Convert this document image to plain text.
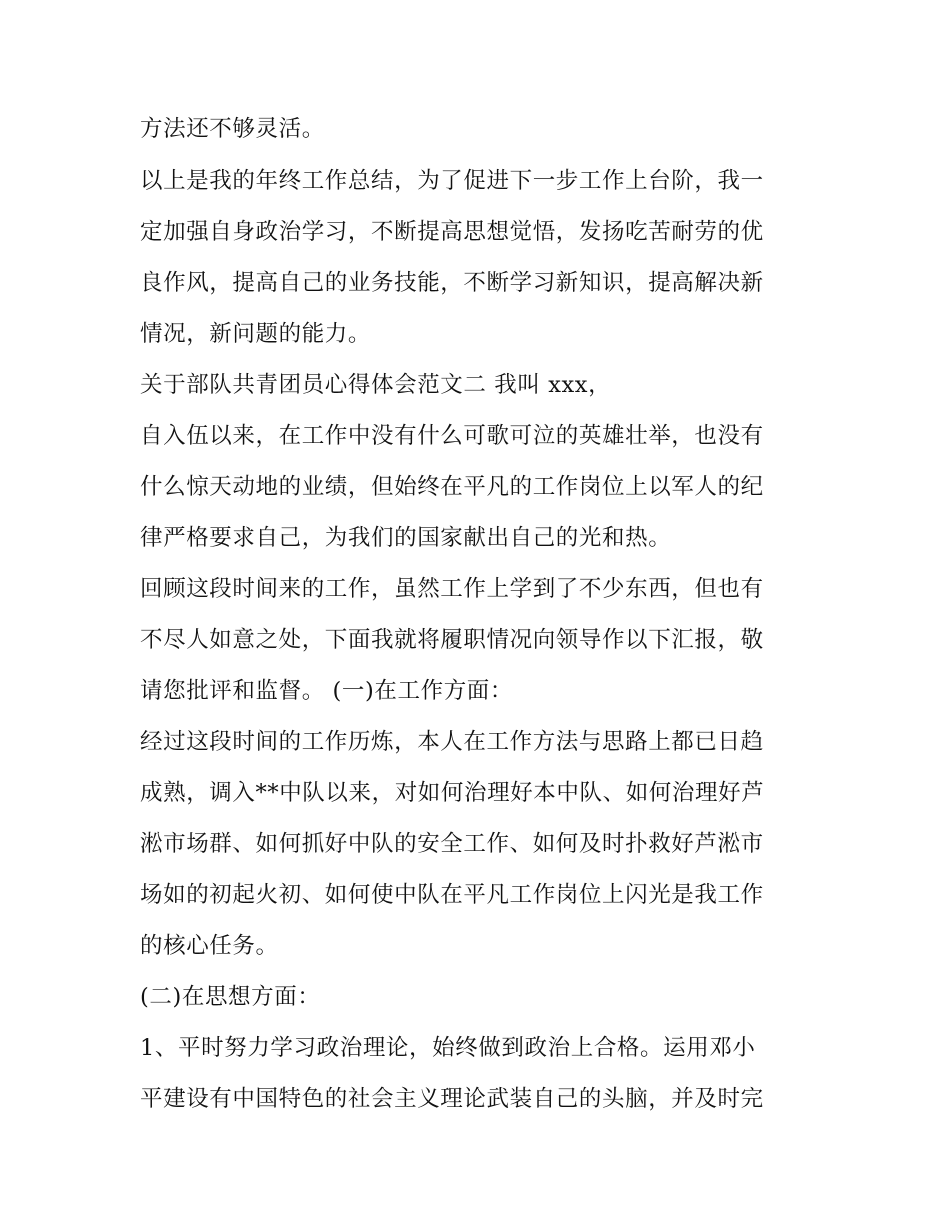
方法还不够灵活。
以上是我的年终工作总结，为了促进下一步工作上台阶，我一
定加强自身政治学习，不断提高思想觉悟，发扬吃苦耐劳的优
良作风，提高自己的业务技能，不断学习新知识，提高解决新
情况，新问题的能力。
关于部队共青团员心得体会范文二 我叫 xxx，
自入伍以来，在工作中没有什么可歌可泣的英雄壮举，也没有
什么惊天动地的业绩，但始终在平凡的工作岗位上以军人的纪
律严格要求自己，为我们的国家献出自己的光和热。
回顾这段时间来的工作，虽然工作上学到了不少东西，但也有
不尽人如意之处，下面我就将履职情况向领导作以下汇报，敬
请您批评和监督。 (一)在工作方面：
经过这段时间的工作历炼，本人在工作方法与思路上都已日趋
成熟，调入**中队以来，对如何治理好本中队、如何治理好芦
淞市场群、如何抓好中队的安全工作、如何及时扑救好芦淞市
场如的初起火初、如何使中队在平凡工作岗位上闪光是我工作
的核心任务。
(二)在思想方面：
1、平时努力学习政治理论，始终做到政治上合格。运用邓小
平建设有中国特色的社会主义理论武装自己的头脑，并及时完
